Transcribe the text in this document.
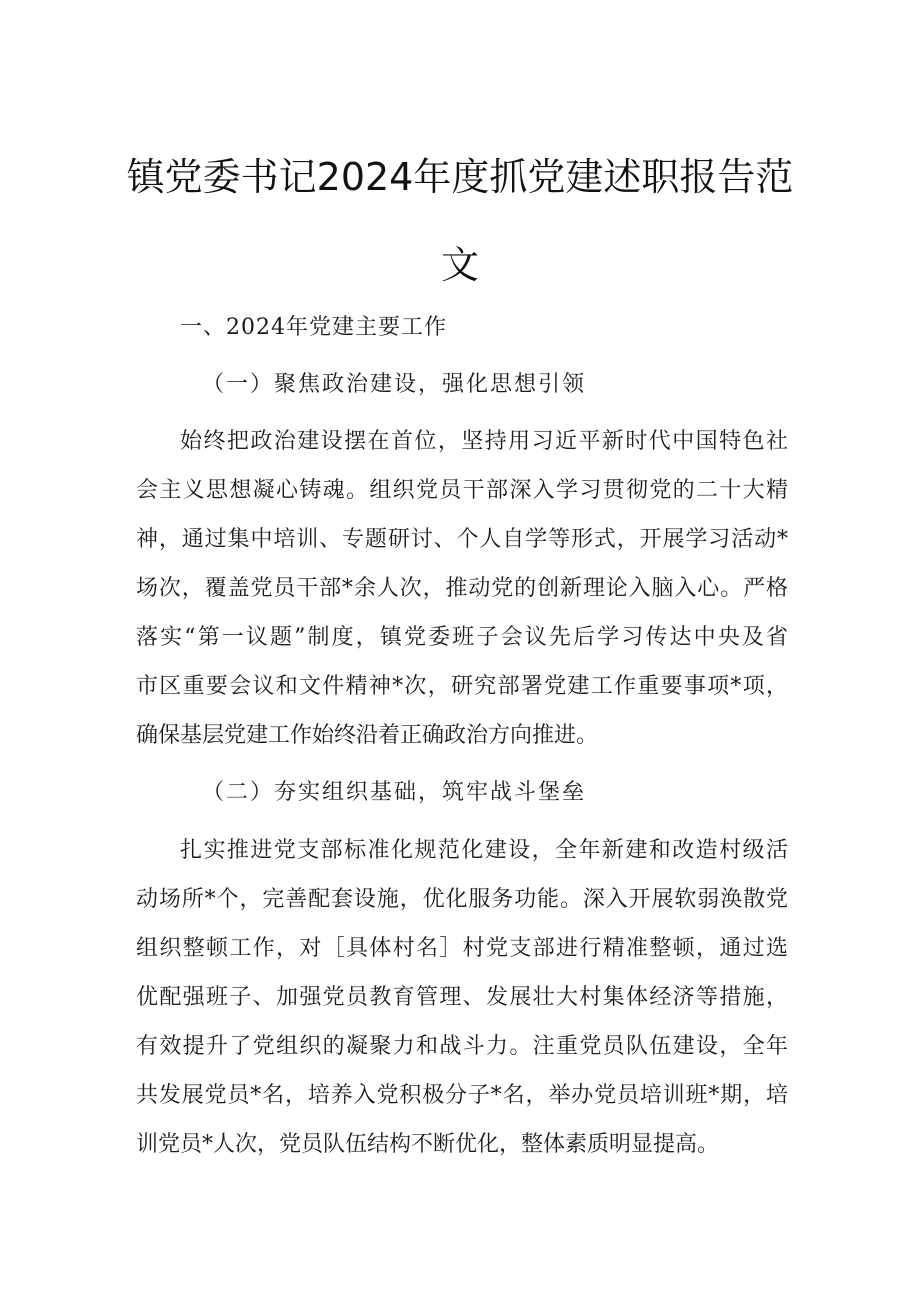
镇党委书记2024年度抓党建述职报告范
文
一、2024年党建主要工作
（一）聚焦政治建设，强化思想引领
始终把政治建设摆在首位，坚持用习近平新时代中国特色社
会主义思想凝心铸魂。组织党员干部深入学习贯彻党的二十大精
神，通过集中培训、专题研讨、个人自学等形式，开展学习活动*
场次，覆盖党员干部*余人次，推动党的创新理论入脑入心。严格
落实“第一议题”制度，镇党委班子会议先后学习传达中央及省
市区重要会议和文件精神*次，研究部署党建工作重要事项*项，
确保基层党建工作始终沿着正确政治方向推进。
（二）夯实组织基础，筑牢战斗堡垒
扎实推进党支部标准化规范化建设，全年新建和改造村级活
动场所*个，完善配套设施，优化服务功能。深入开展软弱涣散党
组织整顿工作，对［具体村名］村党支部进行精准整顿，通过选
优配强班子、加强党员教育管理、发展壮大村集体经济等措施，
有效提升了党组织的凝聚力和战斗力。注重党员队伍建设，全年
共发展党员*名，培养入党积极分子*名，举办党员培训班*期，培
训党员*人次，党员队伍结构不断优化，整体素质明显提高。
